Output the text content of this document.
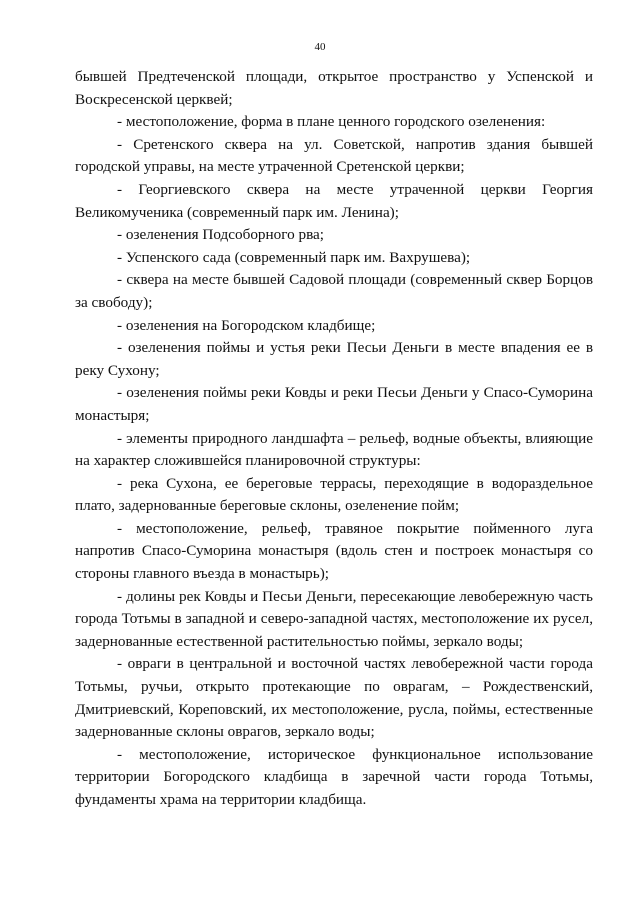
40

бывшей Предтеченской площади, открытое пространство у Успенской и Воскресенской церквей;

- местоположение, форма в плане ценного городского озеленения:

- Сретенского сквера на ул. Советской, напротив здания бывшей городской управы, на месте утраченной Сретенской церкви;

- Георгиевского сквера на месте утраченной церкви Георгия Великомученика (современный парк им. Ленина);

- озеленения Подсоборного рва;

- Успенского сада (современный парк им. Вахрушева);

- сквера на месте бывшей Садовой площади (современный сквер Борцов за свободу);

- озеленения на Богородском кладбище;

- озеленения поймы и устья реки Песьи Деньги в месте впадения ее в реку Сухону;

- озеленения поймы реки Ковды и реки Песьи Деньги у Спасо-Суморина монастыря;

- элементы природного ландшафта – рельеф, водные объекты, влияющие на характер сложившейся планировочной структуры:

- река Сухона, ее береговые террасы, переходящие в водораздельное плато, задернованные береговые склоны, озеленение пойм;

- местоположение, рельеф, травяное покрытие пойменного луга напротив Спасо-Суморина монастыря (вдоль стен и построек монастыря со стороны главного въезда в монастырь);

- долины рек Ковды и Песьи Деньги, пересекающие левобережную часть города Тотьмы в западной и северо-западной частях, местоположение их русел, задернованные естественной растительностью поймы, зеркало воды;

- овраги в центральной и восточной частях левобережной части города Тотьмы, ручьи, открыто протекающие по оврагам, – Рождественский, Дмитриевский, Кореповский, их местоположение, русла, поймы, естественные задернованные склоны оврагов, зеркало воды;

- местоположение, историческое функциональное использование территории Богородского кладбища в заречной части города Тотьмы, фундаменты храма на территории кладбища.
